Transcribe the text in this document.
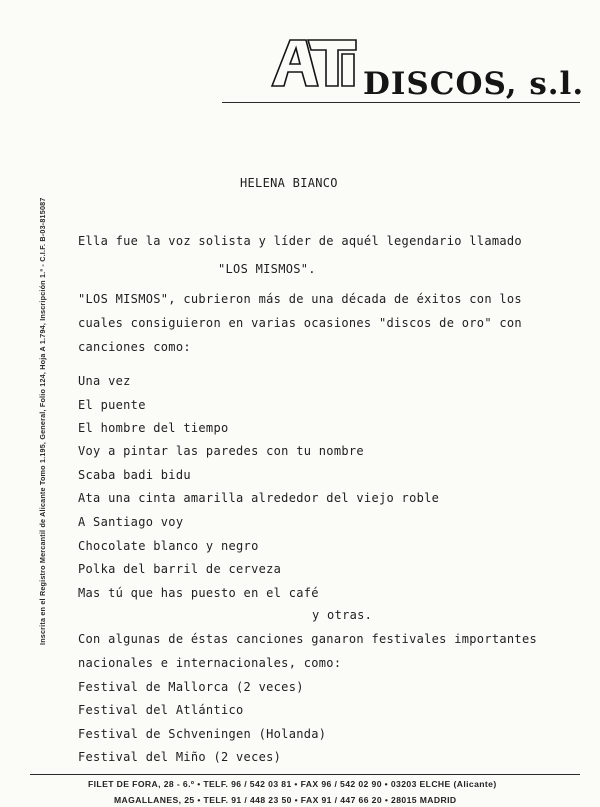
DISCOS, s.l.
Inscrita en el Registro Mercantil de Alicante Tomo 1.195, General, Folio 124, Hoja A 1.794, Inscripción 1.ª - C.I.F. B-03-815087
HELENA BIANCO
Ella fue la voz solista y líder de aquél legendario llamado
"LOS MISMOS".
"LOS MISMOS", cubrieron más de una década de éxitos con los
cuales consiguieron en varias ocasiones "discos de oro" con
canciones como:
Una vez
El puente
El hombre del tiempo
Voy a pintar las paredes con tu nombre
Scaba badi bidu
Ata una cinta amarilla alrededor del viejo roble
A Santiago voy
Chocolate blanco y negro
Polka del barril de cerveza
Mas tú que has puesto en el café
y otras.
Con algunas de éstas canciones ganaron festivales importantes
nacionales e internacionales, como:
Festival de Mallorca (2 veces)
Festival del Atlántico
Festival de Schveningen (Holanda)
Festival del Miño (2 veces)
FILET DE FORA, 28 - 6.º • TELF. 96 / 542 03 81 • FAX 96 / 542 02 90 • 03203 ELCHE (Alicante)
MAGALLANES, 25 • TELF. 91 / 448 23 50 • FAX 91 / 447 66 20 • 28015 MADRID
